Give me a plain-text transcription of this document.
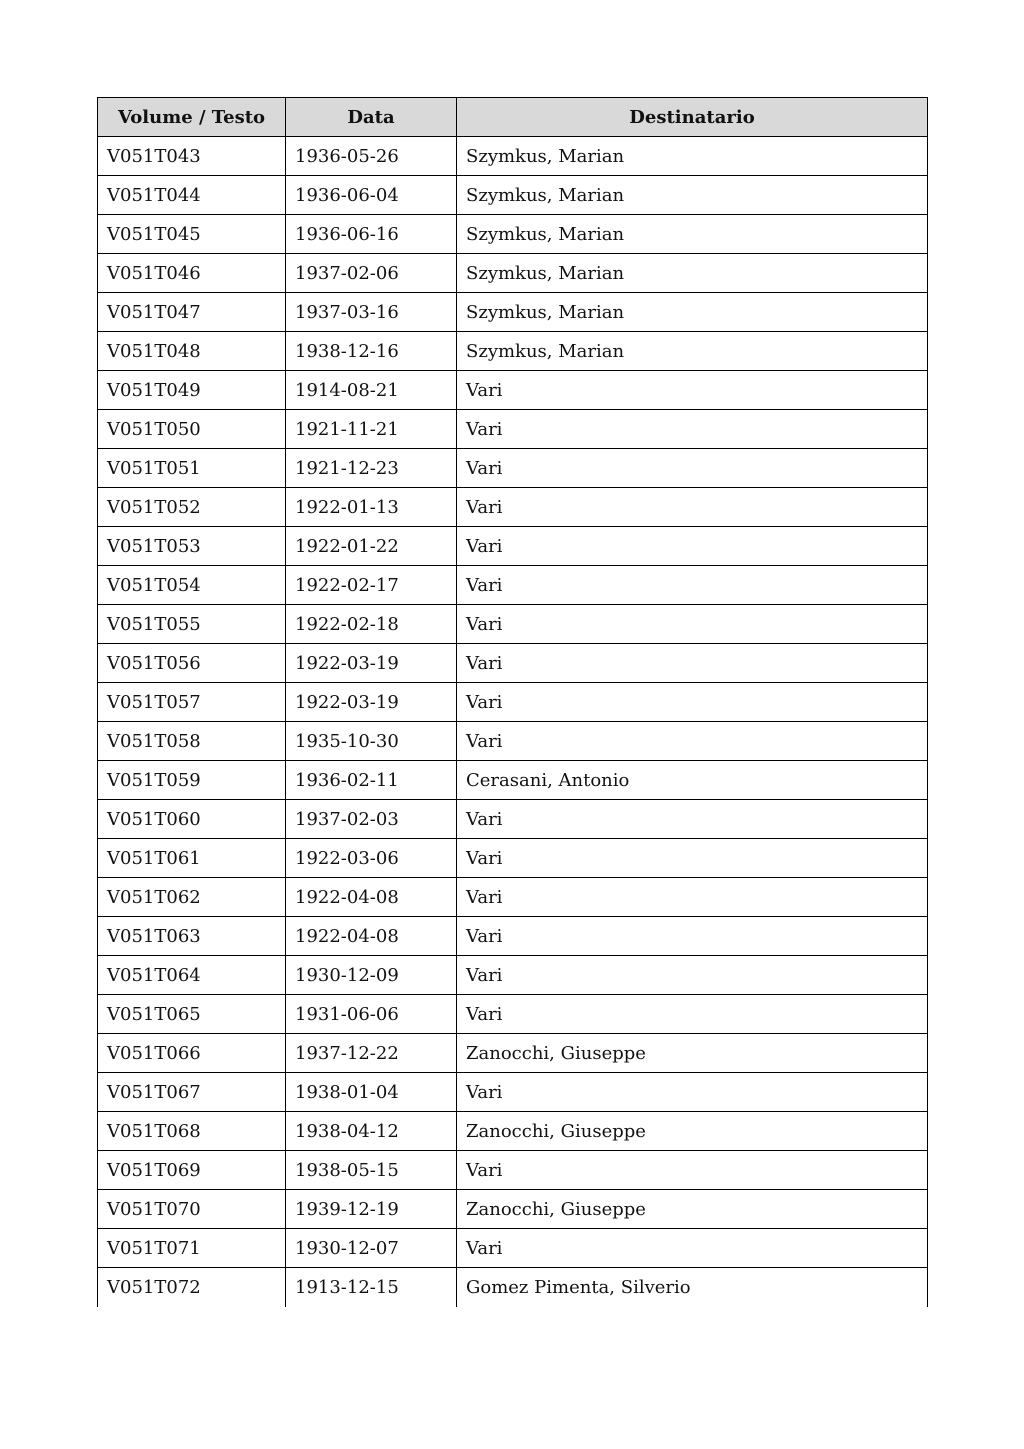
Volume / Testo	Data	Destinatario
V051T043	1936-05-26	Szymkus, Marian
V051T044	1936-06-04	Szymkus, Marian
V051T045	1936-06-16	Szymkus, Marian
V051T046	1937-02-06	Szymkus, Marian
V051T047	1937-03-16	Szymkus, Marian
V051T048	1938-12-16	Szymkus, Marian
V051T049	1914-08-21	Vari
V051T050	1921-11-21	Vari
V051T051	1921-12-23	Vari
V051T052	1922-01-13	Vari
V051T053	1922-01-22	Vari
V051T054	1922-02-17	Vari
V051T055	1922-02-18	Vari
V051T056	1922-03-19	Vari
V051T057	1922-03-19	Vari
V051T058	1935-10-30	Vari
V051T059	1936-02-11	Cerasani, Antonio
V051T060	1937-02-03	Vari
V051T061	1922-03-06	Vari
V051T062	1922-04-08	Vari
V051T063	1922-04-08	Vari
V051T064	1930-12-09	Vari
V051T065	1931-06-06	Vari
V051T066	1937-12-22	Zanocchi, Giuseppe
V051T067	1938-01-04	Vari
V051T068	1938-04-12	Zanocchi, Giuseppe
V051T069	1938-05-15	Vari
V051T070	1939-12-19	Zanocchi, Giuseppe
V051T071	1930-12-07	Vari
V051T072	1913-12-15	Gomez Pimenta, Silverio
